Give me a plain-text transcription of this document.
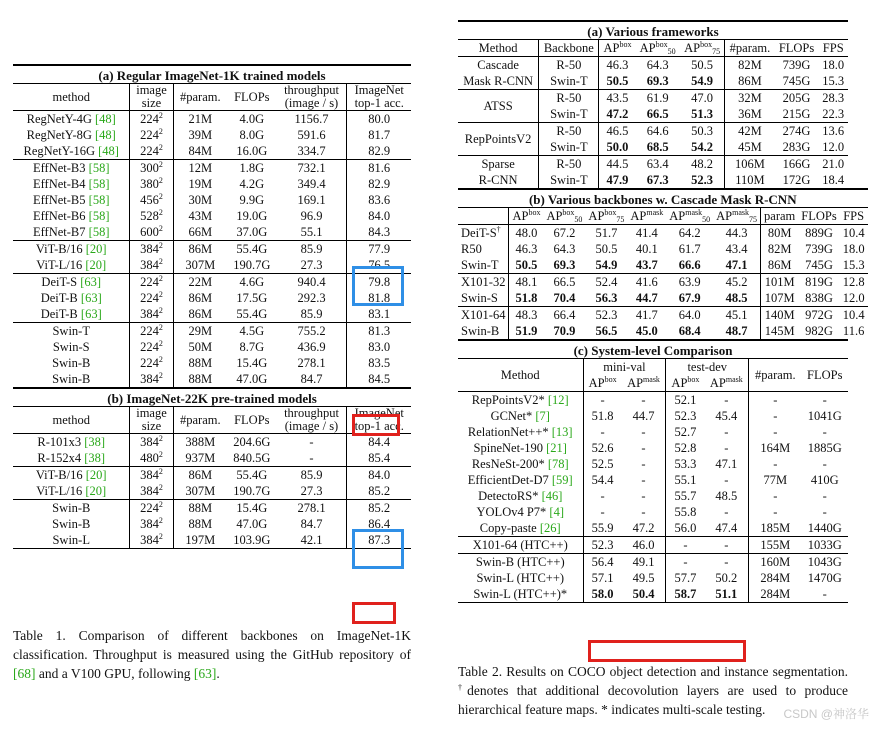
(a) Regular ImageNet-1K trained models					
method	image
size	#param.	FLOPs	throughput
(image / s)	ImageNet
top-1 acc.
RegNetY-4G [48]	$224^2$	21M	4.0G	1156.7	80.0
RegNetY-8G [48]	$224^2$	39M	8.0G	591.6	81.7
RegNetY-16G [48]	$224^2$	84M	16.0G	334.7	82.9
EffNet-B3 [58]	$300^2$	12M	1.8G	732.1	81.6
EffNet-B4 [58]	$380^2$	19M	4.2G	349.4	82.9
EffNet-B5 [58]	$456^2$	30M	9.9G	169.1	83.6
EffNet-B6 [58]	$528^2$	43M	19.0G	96.9	84.0
EffNet-B7 [58]	$600^2$	66M	37.0G	55.1	84.3
ViT-B/16 [20]	$384^2$	86M	55.4G	85.9	77.9
ViT-L/16 [20]	$384^2$	307M	190.7G	27.3	76.5
DeiT-S [63]	$224^2$	22M	4.6G	940.4	79.8
DeiT-B [63]	$224^2$	86M	17.5G	292.3	81.8
DeiT-B [63]	$384^2$	86M	55.4G	85.9	83.1
Swin-T	$224^2$	29M	4.5G	755.2	81.3
Swin-S	$224^2$	50M	8.7G	436.9	83.0
Swin-B	$224^2$	88M	15.4G	278.1	83.5
Swin-B	$384^2$	88M	47.0G	84.7	84.5
(b) ImageNet-22K pre-trained models					
method	image
size	#param.	FLOPs	throughput
(image / s)	ImageNet
top-1 acc.
R-101x3 [38]	$384^2$	388M	204.6G	-	84.4
R-152x4 [38]	$480^2$	937M	840.5G	-	85.4
ViT-B/16 [20]	$384^2$	86M	55.4G	85.9	84.0
ViT-L/16 [20]	$384^2$	307M	190.7G	27.3	85.2
Swin-B	$224^2$	88M	15.4G	278.1	85.2
Swin-B	$384^2$	88M	47.0G	84.7	86.4
Swin-L	$384^2$	197M	103.9G	42.1	87.3
Table 1. Comparison of different backbones on ImageNet-1K classification. Throughput is measured using the GitHub repository of [68] and a V100 GPU, following [63].
(a) Various frameworks							
Method	Backbone	$AP^{box}$	$AP^{box}_{50}$	$AP^{box}_{75}$	#param.	FLOPs	FPS
Cascade	R-50	46.3	64.3	50.5	82M	739G	18.0
Mask R-CNN	Swin-T	50.5	69.3	54.9	86M	745G	15.3
ATSS	R-50	43.5	61.9	47.0	32M	205G	28.3
	Swin-T	47.2	66.5	51.3	36M	215G	22.3
RepPointsV2	R-50	46.5	64.6	50.3	42M	274G	13.6
	Swin-T	50.0	68.5	54.2	45M	283G	12.0
Sparse	R-50	44.5	63.4	48.2	106M	166G	21.0
R-CNN	Swin-T	47.9	67.3	52.3	110M	172G	18.4
(b) Various backbones w. Cascade Mask R-CNN									
	$AP^{box}$	$AP^{box}_{50}$	$AP^{box}_{75}$	$AP^{mask}$	$AP^{mask}_{50}$	$AP^{mask}_{75}$	param	FLOPs	FPS
DeiT-S†	48.0	67.2	51.7	41.4	64.2	44.3	80M	889G	10.4
R50	46.3	64.3	50.5	40.1	61.7	43.4	82M	739G	18.0
Swin-T	50.5	69.3	54.9	43.7	66.6	47.1	86M	745G	15.3
X101-32	48.1	66.5	52.4	41.6	63.9	45.2	101M	819G	12.8
Swin-S	51.8	70.4	56.3	44.7	67.9	48.5	107M	838G	12.0
X101-64	48.3	66.4	52.3	41.7	64.0	45.1	140M	972G	10.4
Swin-B	51.9	70.9	56.5	45.0	68.4	48.7	145M	982G	11.6
(c) System-level Comparison						
Method	mini-val		test-dev		#param.	FLOPs
	$AP^{box}$	$AP^{mask}$	$AP^{box}$	$AP^{mask}$
RepPointsV2* [12]	-	-	52.1	-	-	-
GCNet* [7]	51.8	44.7	52.3	45.4	-	1041G
RelationNet++* [13]	-	-	52.7	-	-	-
SpineNet-190 [21]	52.6	-	52.8	-	164M	1885G
ResNeSt-200* [78]	52.5	-	53.3	47.1	-	-
EfficientDet-D7 [59]	54.4	-	55.1	-	77M	410G
DetectoRS* [46]	-	-	55.7	48.5	-	-
YOLOv4 P7* [4]	-	-	55.8	-	-	-
Copy-paste [26]	55.9	47.2	56.0	47.4	185M	1440G
X101-64 (HTC++)	52.3	46.0	-	-	155M	1033G
Swin-B (HTC++)	56.4	49.1	-	-	160M	1043G
Swin-L (HTC++)	57.1	49.5	57.7	50.2	284M	1470G
Swin-L (HTC++)*	58.0	50.4	58.7	51.1	284M	-
Table 2. Results on COCO object detection and instance segmentation. †denotes that additional decovolution layers are used to produce hierarchical feature maps. * indicates multi-scale testing.	CSDN @神洛华
